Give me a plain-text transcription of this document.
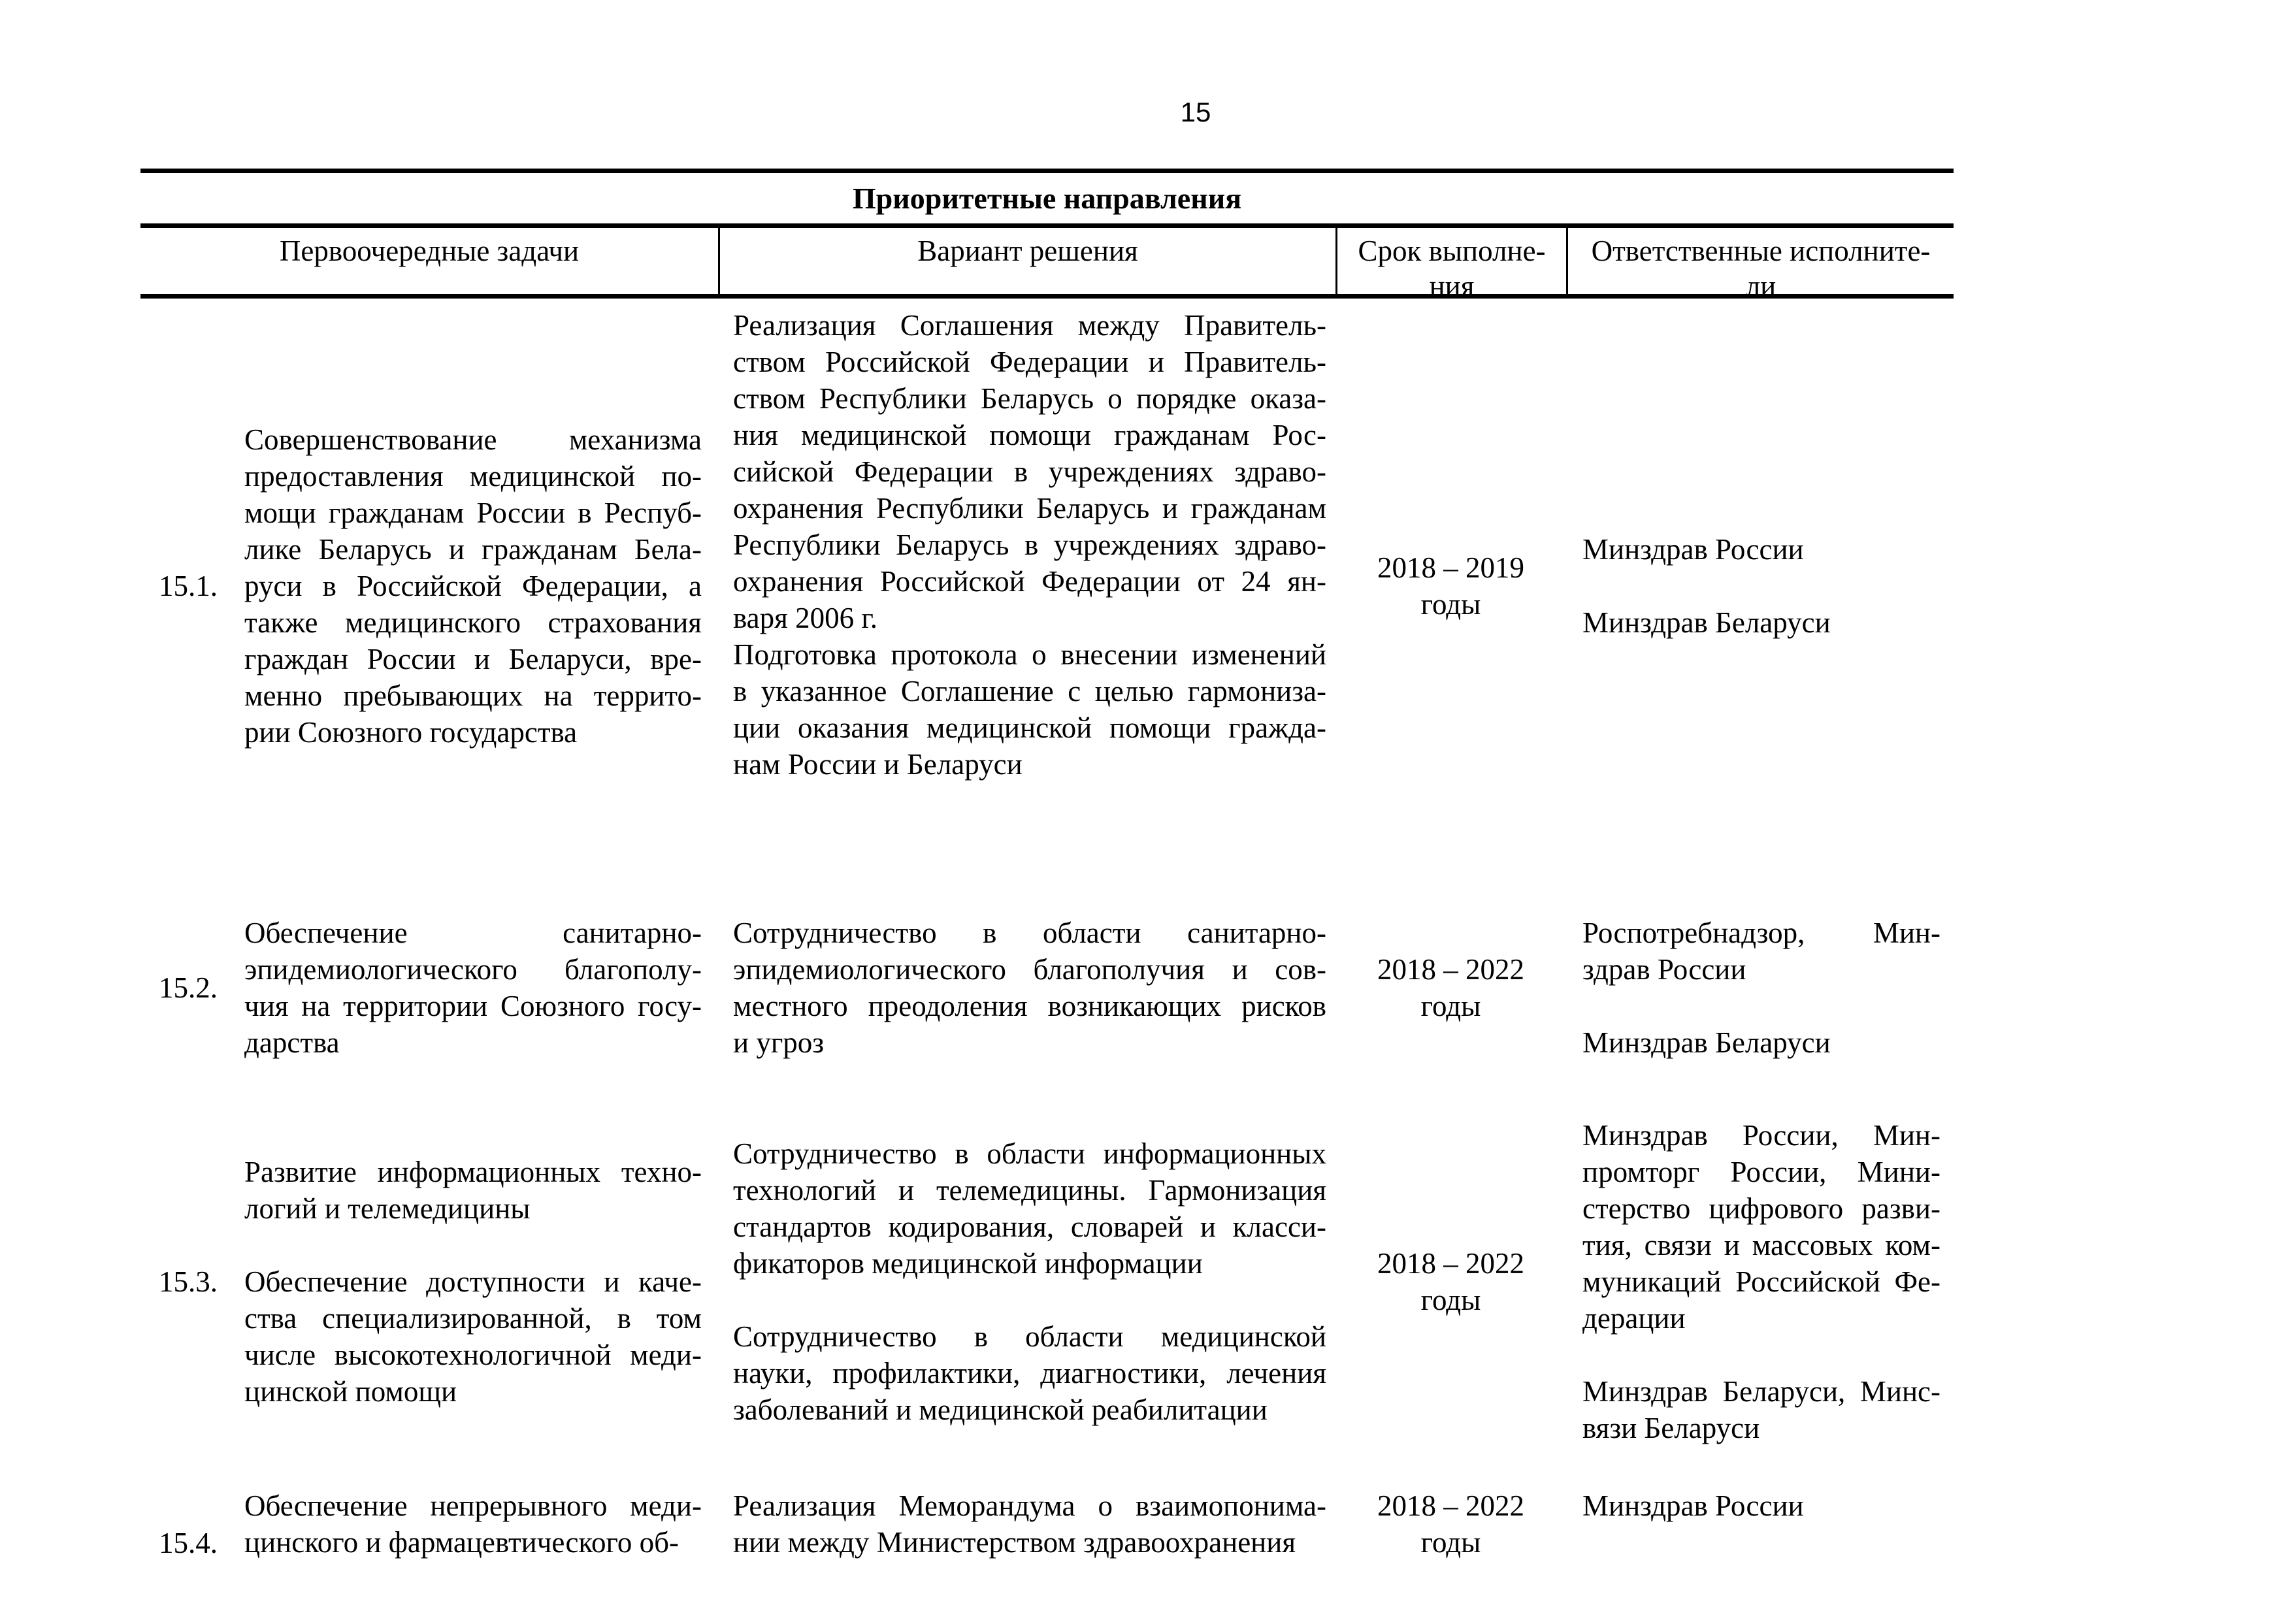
15
Приоритетные направления
Первоочередные задачи	Вариант решения	Срок выполне-
ния
Ответственные исполните-
ли
15.1.
Совершенствование механизма
предоставления медицинской по-
мощи гражданам России в Респуб-
лике Беларусь и гражданам Бела-
руси в Российской Федерации, а
также медицинского страхования
граждан России и Беларуси, вре-
менно пребывающих на террито-
рии Союзного государства
Реализация Соглашения между Правитель-
ством Российской Федерации и Правитель-
ством Республики Беларусь о порядке оказа-
ния медицинской помощи гражданам Рос-
сийской Федерации в учреждениях здраво-
охранения Республики Беларусь и гражданам
Республики Беларусь в учреждениях здраво-
охранения Российской Федерации от 24 ян-
варя 2006 г.
Подготовка протокола о внесении изменений
в указанное Соглашение с целью гармониза-
ции оказания медицинской помощи гражда-
нам России и Беларуси
2018 – 2019
годы
Минздрав России
Минздрав Беларуси
15.2.
Обеспечение санитарно-
эпидемиологического благополу-
чия на территории Союзного госу-
дарства
Сотрудничество в области санитарно-
эпидемиологического благополучия и сов-
местного преодоления возникающих рисков
и угроз
2018 – 2022
годы
Роспотребнадзор, Мин-
здрав России
Минздрав Беларуси
15.3.
Развитие информационных техно-
логий и телемедицины
Обеспечение доступности и каче-
ства специализированной, в том
числе высокотехнологичной меди-
цинской помощи
Сотрудничество в области информационных
технологий и телемедицины. Гармонизация
стандартов кодирования, словарей и класси-
фикаторов медицинской информации
Сотрудничество в области медицинской
науки, профилактики, диагностики, лечения
заболеваний и медицинской реабилитации
2018 – 2022
годы
Минздрав России, Мин-
промторг России, Мини-
стерство цифрового разви-
тия, связи и массовых ком-
муникаций Российской Фе-
дерации
Минздрав Беларуси, Минс-
вязи Беларуси
15.4.
Обеспечение непрерывного меди-
цинского и фармацевтического об-
Реализация Меморандума о взаимопонима-
нии между Министерством здравоохранения
2018 – 2022
годы
Минздрав России
